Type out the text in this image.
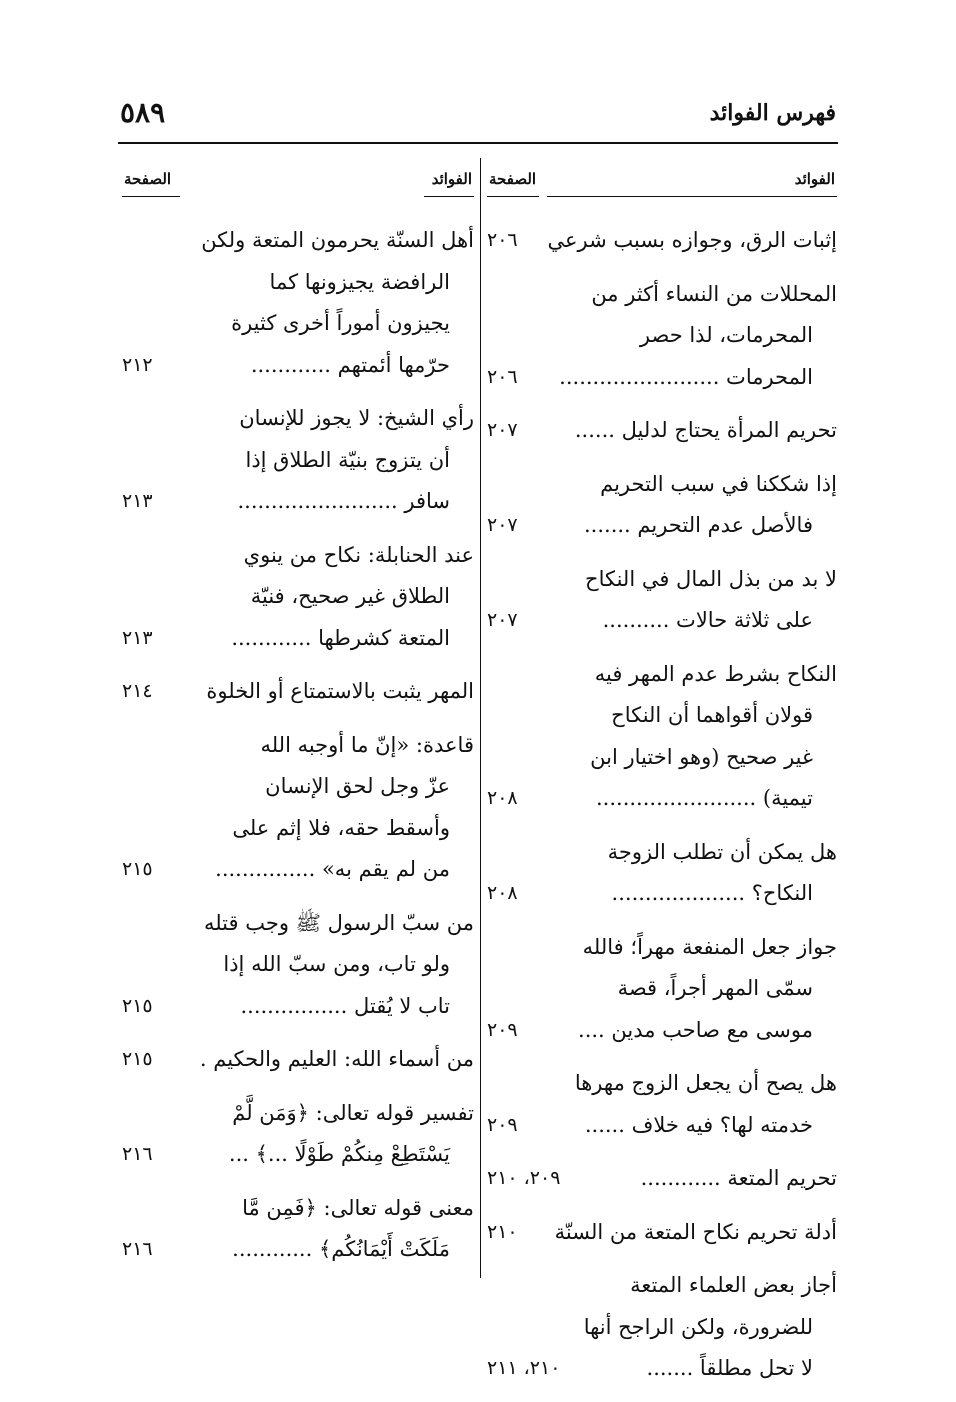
فهرس الفوائد
٥٨٩
الفوائد
الصفحة
إثبات الرق، وجوازه بسبب شرعي
٢٠٦
المحللات من النساء أكثر من
المحرمات، لذا حصر
المحرمات ........................
٢٠٦
تحريم المرأة يحتاج لدليل ......
٢٠٧
إذا شككنا في سبب التحريم
فالأصل عدم التحريم .......
٢٠٧
لا بد من بذل المال في النكاح
على ثلاثة حالات ..........
٢٠٧
النكاح بشرط عدم المهر فيه
قولان أقواهما أن النكاح
غير صحيح (وهو اختيار ابن
تيمية) ........................
٢٠٨
هل يمكن أن تطلب الزوجة
النكاح؟ ....................
٢٠٨
جواز جعل المنفعة مهراً؛ فالله
سمّى المهر أجراً، قصة
موسى مع صاحب مدين ....
٢٠٩
هل يصح أن يجعل الزوج مهرها
خدمته لها؟ فيه خلاف ......
٢٠٩
تحريم المتعة ............
٢٠٩، ٢١٠
أدلة تحريم نكاح المتعة من السنّة
٢١٠
أجاز بعض العلماء المتعة
للضرورة، ولكن الراجح أنها
لا تحل مطلقاً .......
٢١٠، ٢١١
الفوائد
الصفحة
أهل السنّة يحرمون المتعة ولكن
الرافضة يجيزونها كما
يجيزون أموراً أخرى كثيرة
حرّمها أئمتهم ............
٢١٢
رأي الشيخ: لا يجوز للإنسان
أن يتزوج بنيّة الطلاق إذا
سافر ........................
٢١٣
عند الحنابلة: نكاح من ينوي
الطلاق غير صحيح، فنيّة
المتعة كشرطها ............
٢١٣
المهر يثبت بالاستمتاع أو الخلوة
٢١٤
قاعدة: «إنّ ما أوجبه الله
عزّ وجل لحق الإنسان
وأسقط حقه، فلا إثم على
من لم يقم به» ...............
٢١٥
من سبّ الرسول ﷺ وجب قتله
ولو تاب، ومن سبّ الله إذا
تاب لا يُقتل ................
٢١٥
من أسماء الله: العليم والحكيم .
٢١٥
تفسير قوله تعالى: ﴿وَمَن لَّمْ
يَسْتَطِعْ مِنكُمْ طَوْلًا ...﴾ ...
٢١٦
معنى قوله تعالى: ﴿فَمِن مَّا
مَلَكَتْ أَيْمَانُكُم﴾ ............
٢١٦
